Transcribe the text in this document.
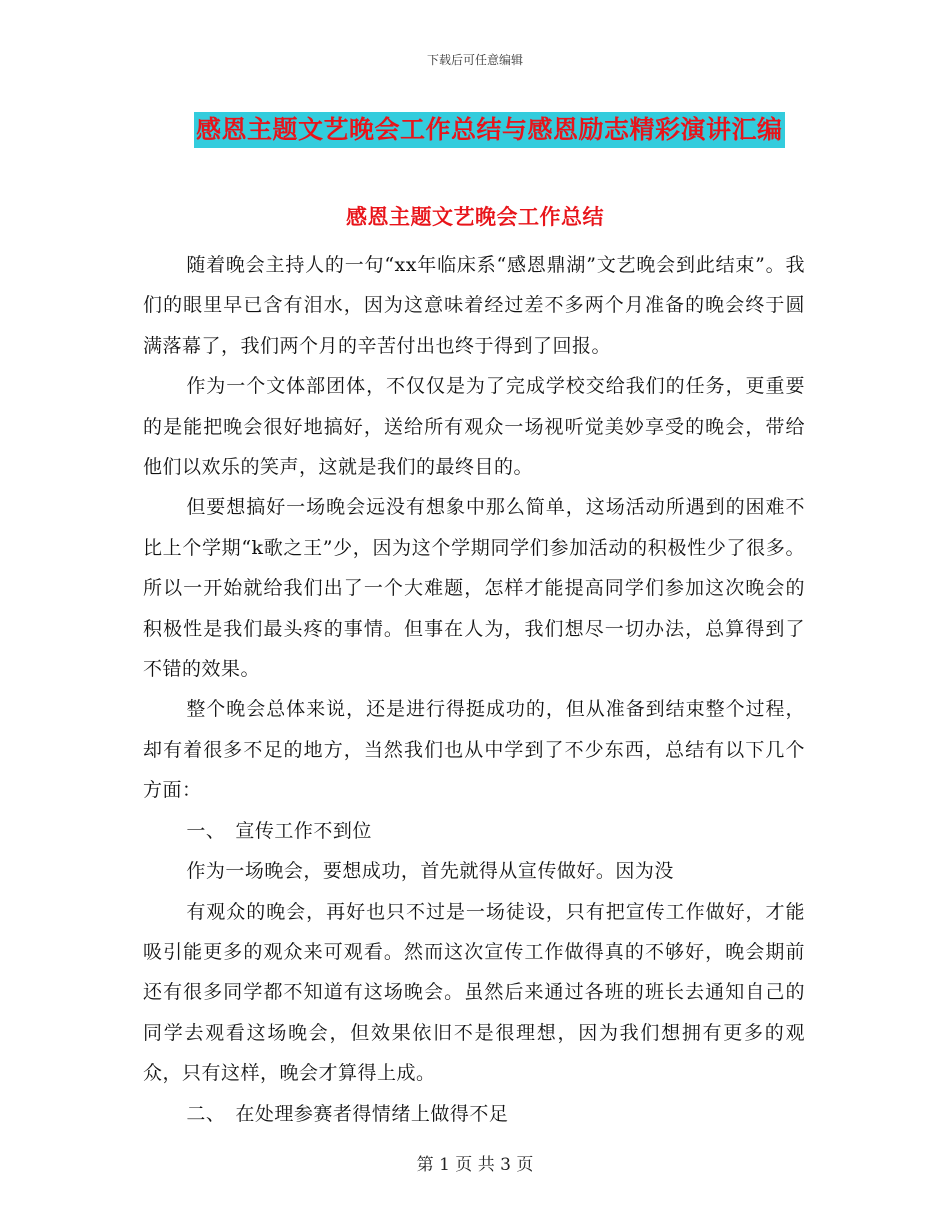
下载后可任意编辑
感恩主题文艺晚会工作总结与感恩励志精彩演讲汇编
感恩主题文艺晚会工作总结

随着晚会主持人的一句“xx年临床系“感恩鼎湖”文艺晚会到此结束”。我们的眼里早已含有泪水，因为这意味着经过差不多两个月准备的晚会终于圆满落幕了，我们两个月的辛苦付出也终于得到了回报。

作为一个文体部团体，不仅仅是为了完成学校交给我们的任务，更重要的是能把晚会很好地搞好，送给所有观众一场视听觉美妙享受的晚会，带给他们以欢乐的笑声，这就是我们的最终目的。

但要想搞好一场晚会远没有想象中那么简单，这场活动所遇到的困难不比上个学期“k歌之王”少，因为这个学期同学们参加活动的积极性少了很多。所以一开始就给我们出了一个大难题，怎样才能提高同学们参加这次晚会的积极性是我们最头疼的事情。但事在人为，我们想尽一切办法，总算得到了不错的效果。

整个晚会总体来说，还是进行得挺成功的，但从准备到结束整个过程，却有着很多不足的地方，当然我们也从中学到了不少东西，总结有以下几个方面：

一、　宣传工作不到位

作为一场晚会，要想成功，首先就得从宣传做好。因为没

有观众的晚会，再好也只不过是一场徒设，只有把宣传工作做好，才能吸引能更多的观众来可观看。然而这次宣传工作做得真的不够好，晚会期前还有很多同学都不知道有这场晚会。虽然后来通过各班的班长去通知自己的同学去观看这场晚会，但效果依旧不是很理想，因为我们想拥有更多的观众，只有这样，晚会才算得上成。

二、　在处理参赛者得情绪上做得不足

第 1 页 共 3 页
